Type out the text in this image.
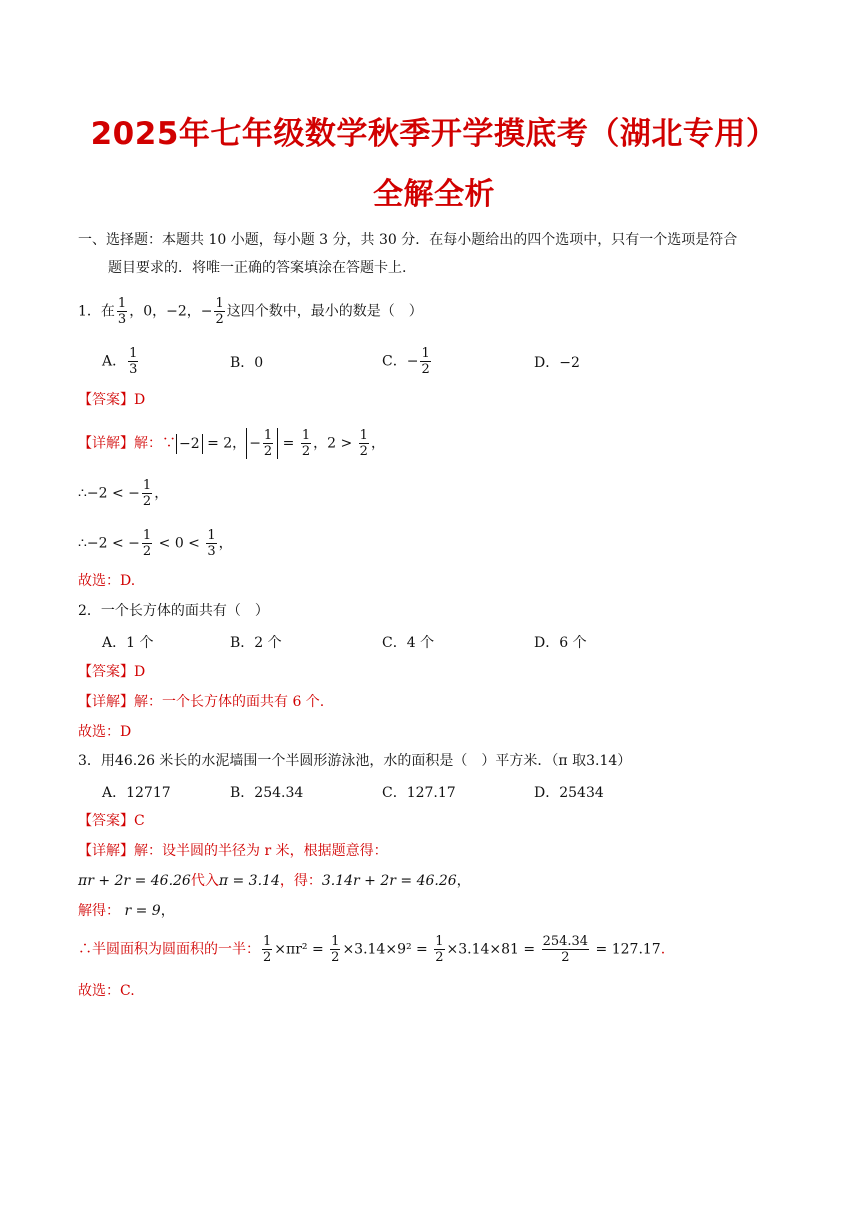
2025年七年级数学秋季开学摸底考（湖北专用）
全解全析
一、选择题：本题共 10 小题，每小题 3 分，共 30 分．在每小题给出的四个选项中，只有一个选项是符合
题目要求的．将唯一正确的答案填涂在答题卡上.
1．在 $\frac{1}{3}$ ，0，−2，− $\frac{1}{2}$ 这四个数中，最小的数是（　）
A． $\frac{1}{3}$	B．0	C．− $\frac{1}{2}$	D．−2
【答案】D
【详解】解：∵ −2 = 2， − $\frac{1}{2} = \frac{1}{2}$ ，$2 > \frac{1}{2}$ ，
∴−2 < − $\frac{1}{2}$ ，
∴−2 < − $\frac{1}{2} < 0 < \frac{1}{3}$ ，
故选：D.
2．一个长方体的面共有（　）
A．1 个	B．2 个	C．4 个	D．6 个
【答案】D
【详解】解：一个长方体的面共有 6 个.
故选：D
3．用46.26 米长的水泥墙围一个半圆形游泳池，水的面积是（　）平方米．（π 取3.14）
A．12717	B．254.34	C．127.17	D．25434
【答案】C
【详解】解：设半圆的半径为 r 米，根据题意得：
πr + 2r = 46.26代入π = 3.14，得：3.14r + 2r = 46.26，
解得： r = 9，
∴半圆面积为圆面积的一半： $\frac{1}{2} \times\pi r^2 = \frac{1}{2} \times 3.14\times 9^2 = \frac{1}{2} \times 3.14\times 81 = \frac{254.34}{2} = 127.17$.
故选：C.
